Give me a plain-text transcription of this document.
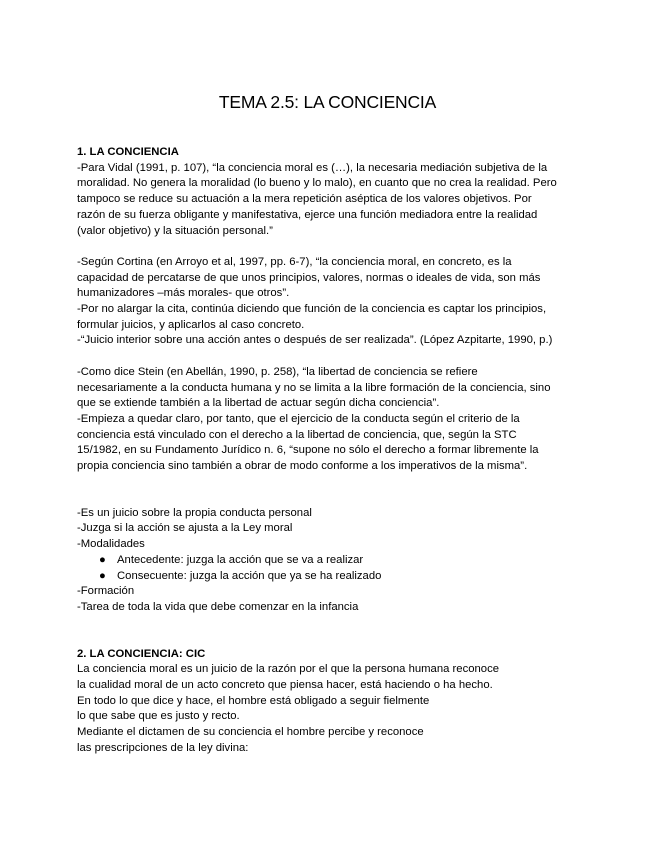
TEMA 2.5: LA CONCIENCIA

1. LA CONCIENCIA

-Para Vidal (1991, p. 107), “la conciencia moral es (…), la necesaria mediación subjetiva de la

moralidad. No genera la moralidad (lo bueno y lo malo), en cuanto que no crea la realidad. Pero

tampoco se reduce su actuación a la mera repetición aséptica de los valores objetivos. Por

razón de su fuerza obligante y manifestativa, ejerce una función mediadora entre la realidad

(valor objetivo) y la situación personal.”

-Según Cortina (en Arroyo et al, 1997, pp. 6-7), “la conciencia moral, en concreto, es la

capacidad de percatarse de que unos principios, valores, normas o ideales de vida, son más

humanizadores –más morales- que otros”.

-Por no alargar la cita, continúa diciendo que función de la conciencia es captar los principios,

formular juicios, y aplicarlos al caso concreto.

-“Juicio interior sobre una acción antes o después de ser realizada”. (López Azpitarte, 1990, p.)

-Como dice Stein (en Abellán, 1990, p. 258), “la libertad de conciencia se refiere

necesariamente a la conducta humana y no se limita a la libre formación de la conciencia, sino

que se extiende también a la libertad de actuar según dicha conciencia”.

-Empieza a quedar claro, por tanto, que el ejercicio de la conducta según el criterio de la

conciencia está vinculado con el derecho a la libertad de conciencia, que, según la STC

15/1982, en su Fundamento Jurídico n. 6, “supone no sólo el derecho a formar libremente la

propia conciencia sino también a obrar de modo conforme a los imperativos de la misma”.

-Es un juicio sobre la propia conducta personal

-Juzga si la acción se ajusta a la Ley moral

-Modalidades

● Antecedente: juzga la acción que se va a realizar
● Consecuente: juzga la acción que ya se ha realizado

-Formación

-Tarea de toda la vida que debe comenzar en la infancia

2. LA CONCIENCIA: CIC

La conciencia moral es un juicio de la razón por el que la persona humana reconoce

la cualidad moral de un acto concreto que piensa hacer, está haciendo o ha hecho.

En todo lo que dice y hace, el hombre está obligado a seguir fielmente

lo que sabe que es justo y recto.

Mediante el dictamen de su conciencia el hombre percibe y reconoce

las prescripciones de la ley divina:
